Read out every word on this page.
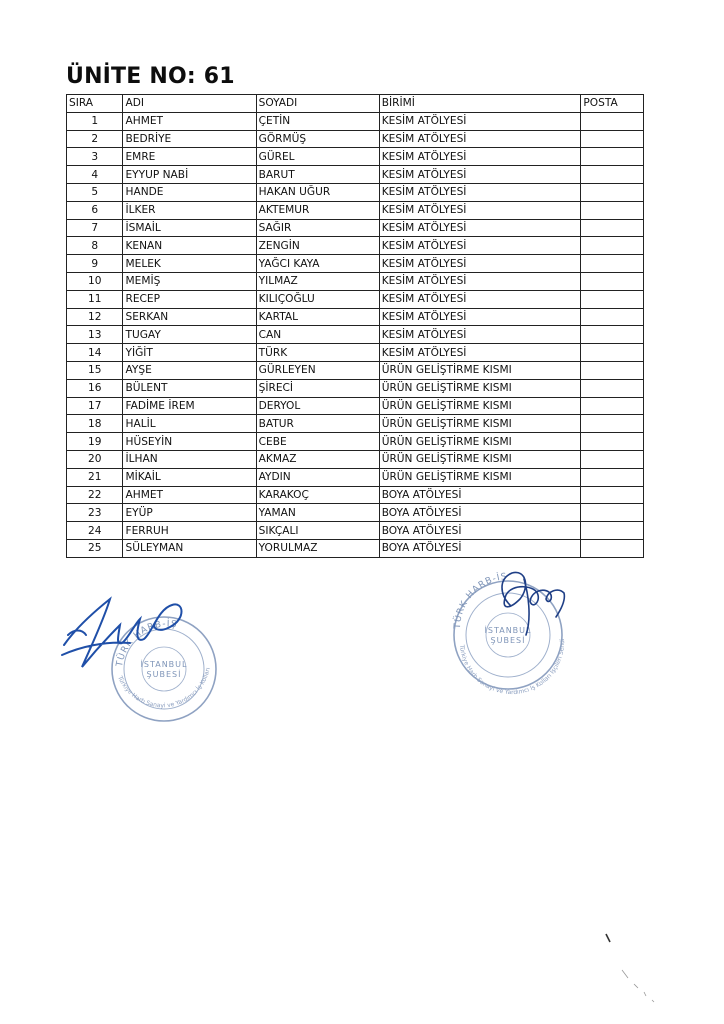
ÜNİTE NO: 61
SIRA	ADI	SOYADI	BİRİMİ	POSTA
1	AHMET	ÇETİN	KESİM ATÖLYESİ	
2	BEDRİYE	GÖRMÜŞ	KESİM ATÖLYESİ	
3	EMRE	GÜREL	KESİM ATÖLYESİ	
4	EYYUP NABİ	BARUT	KESİM ATÖLYESİ	
5	HANDE	HAKAN UĞUR	KESİM ATÖLYESİ	
6	İLKER	AKTEMUR	KESİM ATÖLYESİ	
7	İSMAİL	SAĞIR	KESİM ATÖLYESİ	
8	KENAN	ZENGİN	KESİM ATÖLYESİ	
9	MELEK	YAĞCI KAYA	KESİM ATÖLYESİ	
10	MEMİŞ	YILMAZ	KESİM ATÖLYESİ	
11	RECEP	KILIÇOĞLU	KESİM ATÖLYESİ	
12	SERKAN	KARTAL	KESİM ATÖLYESİ	
13	TUGAY	CAN	KESİM ATÖLYESİ	
14	YİĞİT	TÜRK	KESİM ATÖLYESİ	
15	AYŞE	GÜRLEYEN	ÜRÜN GELİŞTİRME KISMI	
16	BÜLENT	ŞİRECİ	ÜRÜN GELİŞTİRME KISMI	
17	FADİME İREM	DERYOL	ÜRÜN GELİŞTİRME KISMI	
18	HALİL	BATUR	ÜRÜN GELİŞTİRME KISMI	
19	HÜSEYİN	CEBE	ÜRÜN GELİŞTİRME KISMI	
20	İLHAN	AKMAZ	ÜRÜN GELİŞTİRME KISMI	
21	MİKAİL	AYDIN	ÜRÜN GELİŞTİRME KISMI	
22	AHMET	KARAKOÇ	BOYA ATÖLYESİ	
23	EYÜP	YAMAN	BOYA ATÖLYESİ	
24	FERRUH	SIKÇALI	BOYA ATÖLYESİ	
25	SÜLEYMAN	YORULMAZ	BOYA ATÖLYESİ	
TÜRK HARB-İŞ
İSTANBUL
ŞUBESİ
Türkiye Harb Sanayi ve Yardımcı İş Kolları İşçileri Sendikası
TÜRK HARB-İŞ
İSTANBUL
ŞUBESİ
Türkiye Harb Sanayi ve Yardımcı İş Kolları İşçileri Sendikası
